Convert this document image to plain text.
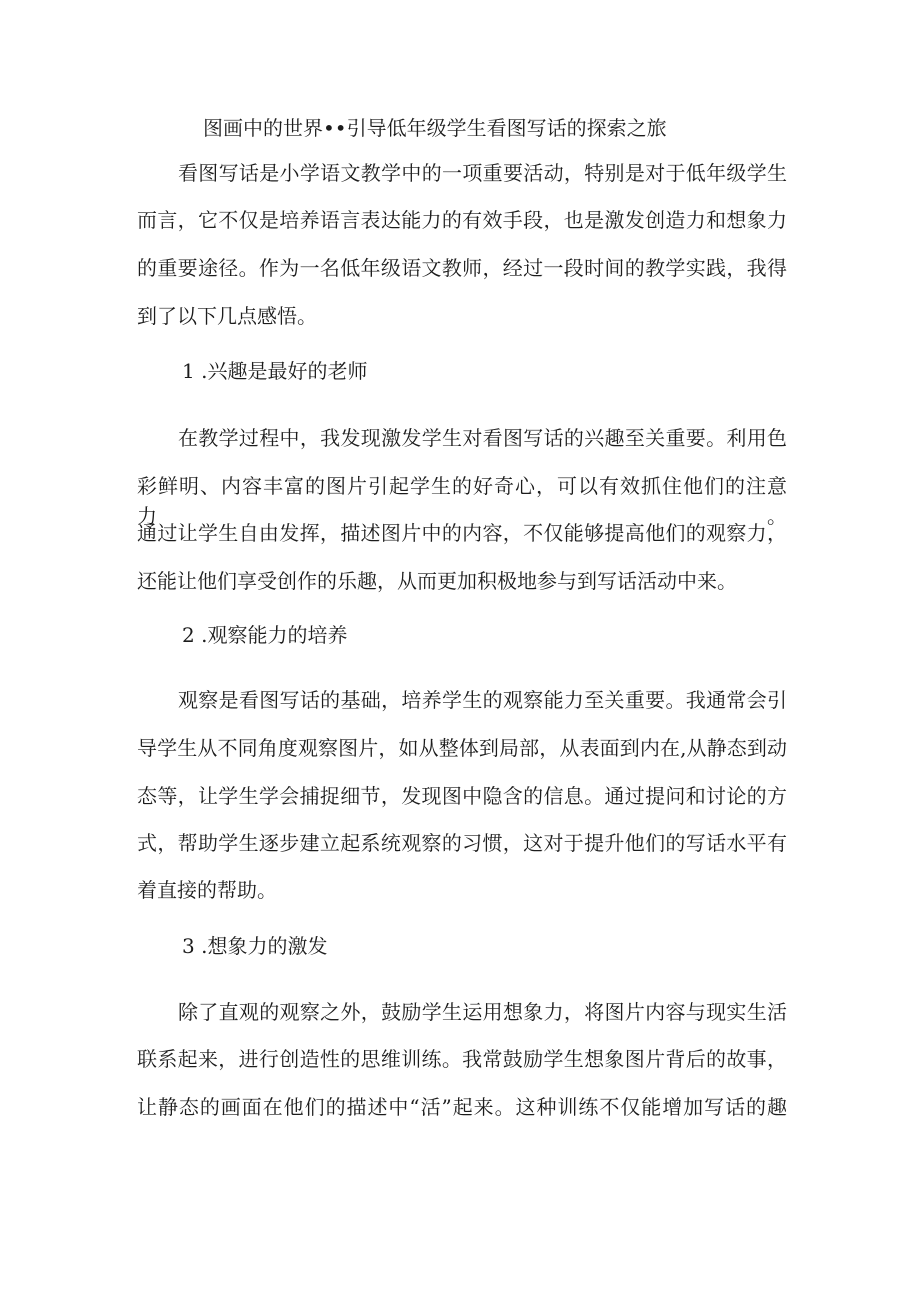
图画中的世界••引导低年级学生看图写话的探索之旅
看图写话是小学语文教学中的一项重要活动，特别是对于低年级学生
而言，它不仅是培养语言表达能力的有效手段，也是激发创造力和想象力
的重要途径。作为一名低年级语文教师，经过一段时间的教学实践，我得
到了以下几点感悟。
1 .兴趣是最好的老师
在教学过程中，我发现激发学生对看图写话的兴趣至关重要。利用色
彩鲜明、内容丰富的图片引起学生的好奇心，可以有效抓住他们的注意力。
通过让学生自由发挥，描述图片中的内容，不仅能够提高他们的观察力，
还能让他们享受创作的乐趣，从而更加积极地参与到写话活动中来。
2 .观察能力的培养
观察是看图写话的基础，培养学生的观察能力至关重要。我通常会引
导学生从不同角度观察图片，如从整体到局部，从表面到内在,从静态到动
态等，让学生学会捕捉细节，发现图中隐含的信息。通过提问和讨论的方
式，帮助学生逐步建立起系统观察的习惯，这对于提升他们的写话水平有
着直接的帮助。
3 .想象力的激发
除了直观的观察之外，鼓励学生运用想象力，将图片内容与现实生活
联系起来，进行创造性的思维训练。我常鼓励学生想象图片背后的故事，
让静态的画面在他们的描述中“活”起来。这种训练不仅能增加写话的趣
